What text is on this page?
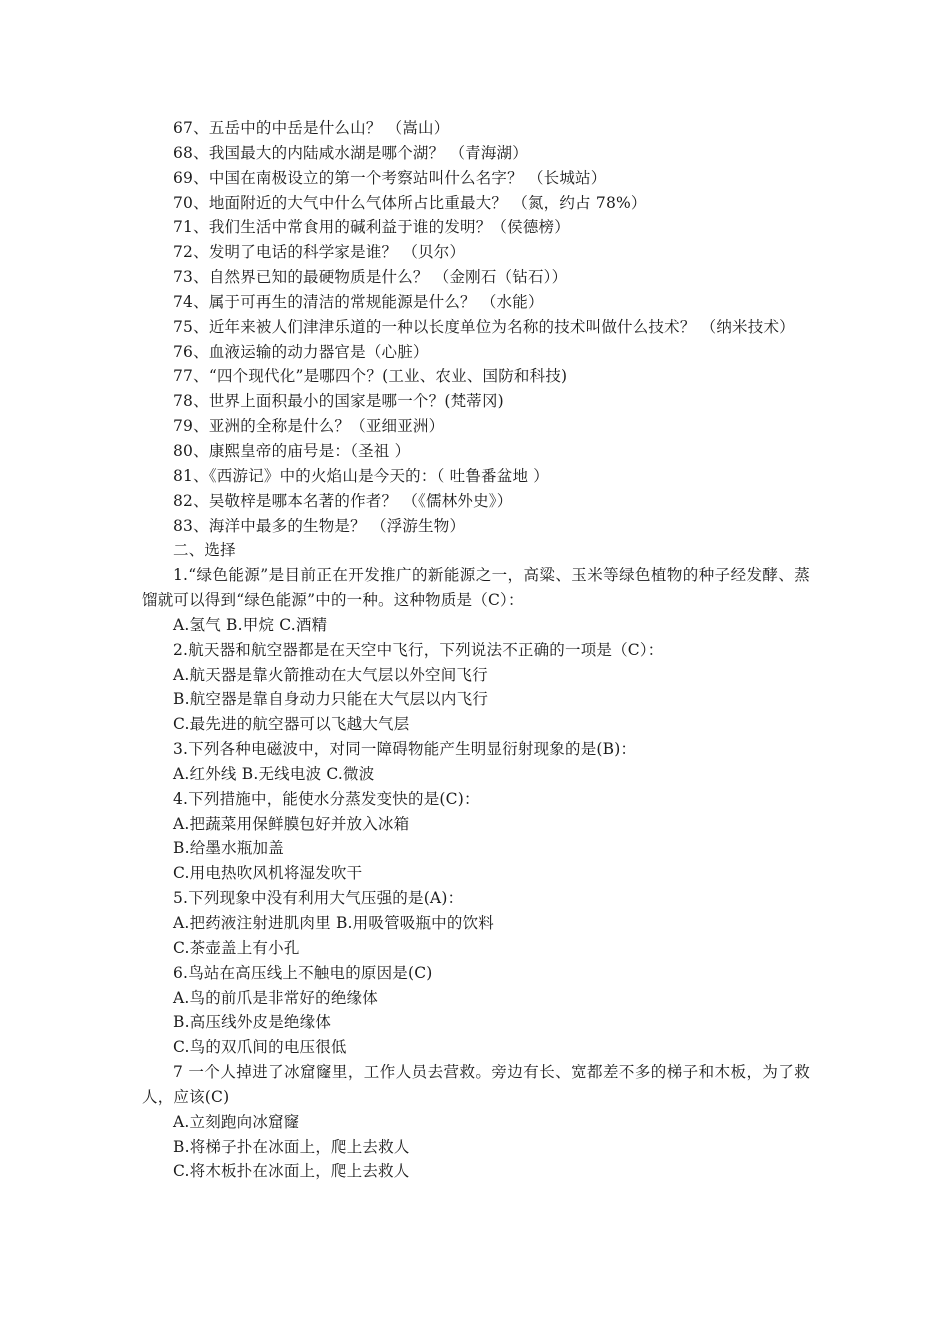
67、五岳中的中岳是什么山？ （嵩山）
68、我国最大的内陆咸水湖是哪个湖？ （青海湖）
69、中国在南极设立的第一个考察站叫什么名字？ （长城站）
70、地面附近的大气中什么气体所占比重最大？ （氮，约占 78%）
71、我们生活中常食用的碱利益于谁的发明？（侯德榜）
72、发明了电话的科学家是谁？ （贝尔）
73、自然界已知的最硬物质是什么？ （金刚石（钻石））
74、属于可再生的清洁的常规能源是什么？ （水能）
75、近年来被人们津津乐道的一种以长度单位为名称的技术叫做什么技术？ （纳米技术）
76、血液运输的动力器官是（心脏）
77、“四个现代化”是哪四个？(工业、农业、国防和科技)
78、世界上面积最小的国家是哪一个？(梵蒂冈)
79、亚洲的全称是什么？（亚细亚洲）
80、康熙皇帝的庙号是：（圣祖 ）
81、《西游记》中的火焰山是今天的：（ 吐鲁番盆地 ）
82、吴敬梓是哪本名著的作者？ （《儒林外史》）
83、海洋中最多的生物是？ （浮游生物）
二、选择
1.“绿色能源”是目前正在开发推广的新能源之一，高粱、玉米等绿色植物的种子经发酵、蒸馏就可以得到“绿色能源”中的一种。这种物质是（C）：
A.氢气 B.甲烷 C.酒精
2.航天器和航空器都是在天空中飞行，下列说法不正确的一项是（C）：
A.航天器是靠火箭推动在大气层以外空间飞行
B.航空器是靠自身动力只能在大气层以内飞行
C.最先进的航空器可以飞越大气层
3.下列各种电磁波中，对同一障碍物能产生明显衍射现象的是(B)：
A.红外线 B.无线电波 C.微波
4.下列措施中，能使水分蒸发变快的是(C)：
A.把蔬菜用保鲜膜包好并放入冰箱
B.给墨水瓶加盖
C.用电热吹风机将湿发吹干
5.下列现象中没有利用大气压强的是(A)：
A.把药液注射进肌肉里 B.用吸管吸瓶中的饮料
C.茶壶盖上有小孔
6.鸟站在高压线上不触电的原因是(C)
A.鸟的前爪是非常好的绝缘体
B.高压线外皮是绝缘体
C.鸟的双爪间的电压很低
7 一个人掉进了冰窟窿里，工作人员去营救。旁边有长、宽都差不多的梯子和木板，为了救人，应该(C)
A.立刻跑向冰窟窿
B.将梯子扑在冰面上，爬上去救人
C.将木板扑在冰面上，爬上去救人
